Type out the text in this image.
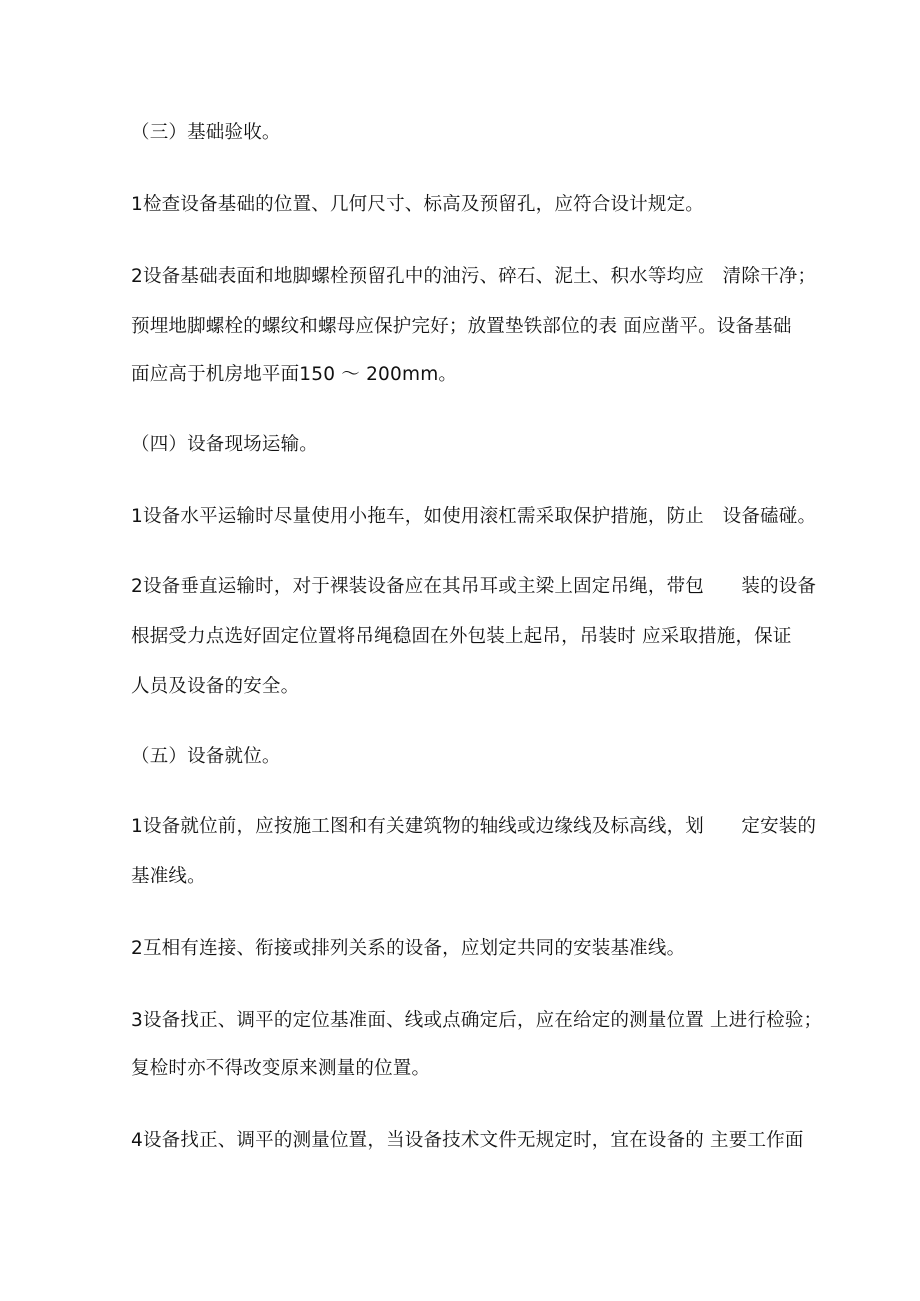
（三）基础验收。
1检查设备基础的位置、几何尺寸、标高及预留孔，应符合设计规定。
2设备基础表面和地脚螺栓预留孔中的油污、碎石、泥土、积水等均应　清除干净；
预埋地脚螺栓的螺纹和螺母应保护完好；放置垫铁部位的表 面应凿平。设备基础
面应高于机房地平面150 ～ 200mm。
（四）设备现场运输。
1设备水平运输时尽量使用小拖车，如使用滚杠需采取保护措施，防止　设备磕碰。
2设备垂直运输时，对于裸装设备应在其吊耳或主梁上固定吊绳，带包　　装的设备
根据受力点选好固定位置将吊绳稳固在外包装上起吊，吊装时 应采取措施，保证
人员及设备的安全。
（五）设备就位。
1设备就位前，应按施工图和有关建筑物的轴线或边缘线及标高线，划　　定安装的
基准线。
2互相有连接、衔接或排列关系的设备，应划定共同的安装基准线。
3设备找正、调平的定位基准面、线或点确定后，应在给定的测量位置 上进行检验；
复检时亦不得改变原来测量的位置。
4设备找正、调平的测量位置，当设备技术文件无规定时，宜在设备的 主要工作面
